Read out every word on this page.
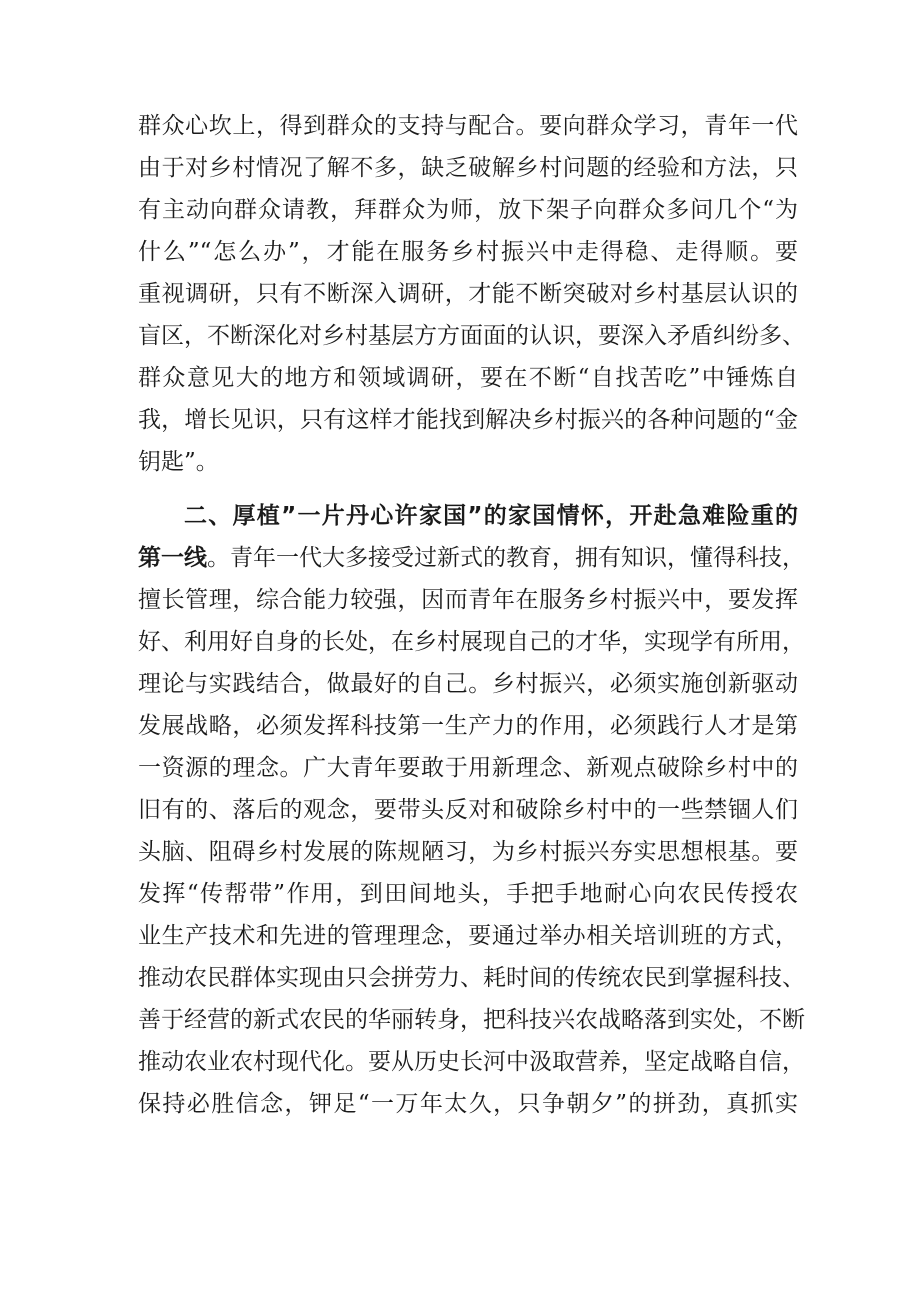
群众心坎上，得到群众的支持与配合。要向群众学习，青年一代
由于对乡村情况了解不多，缺乏破解乡村问题的经验和方法，只
有主动向群众请教，拜群众为师，放下架子向群众多问几个“为
什么”“怎么办”，才能在服务乡村振兴中走得稳、走得顺。要
重视调研，只有不断深入调研，才能不断突破对乡村基层认识的
盲区，不断深化对乡村基层方方面面的认识，要深入矛盾纠纷多、
群众意见大的地方和领域调研，要在不断“自找苦吃”中锤炼自
我，增长见识，只有这样才能找到解决乡村振兴的各种问题的“金
钥匙”。
二、厚植”一片丹心许家国”的家国情怀，开赴急难险重的
第一线。青年一代大多接受过新式的教育，拥有知识，懂得科技，
擅长管理，综合能力较强，因而青年在服务乡村振兴中，要发挥
好、利用好自身的长处，在乡村展现自己的才华，实现学有所用，
理论与实践结合，做最好的自己。乡村振兴，必须实施创新驱动
发展战略，必须发挥科技第一生产力的作用，必须践行人才是第
一资源的理念。广大青年要敢于用新理念、新观点破除乡村中的
旧有的、落后的观念，要带头反对和破除乡村中的一些禁锢人们
头脑、阻碍乡村发展的陈规陋习，为乡村振兴夯实思想根基。要
发挥“传帮带”作用，到田间地头，手把手地耐心向农民传授农
业生产技术和先进的管理理念，要通过举办相关培训班的方式，
推动农民群体实现由只会拼劳力、耗时间的传统农民到掌握科技、
善于经营的新式农民的华丽转身，把科技兴农战略落到实处，不断
推动农业农村现代化。要从历史长河中汲取营养，坚定战略自信，
保持必胜信念，钾足“一万年太久，只争朝夕”的拼劲，真抓实
